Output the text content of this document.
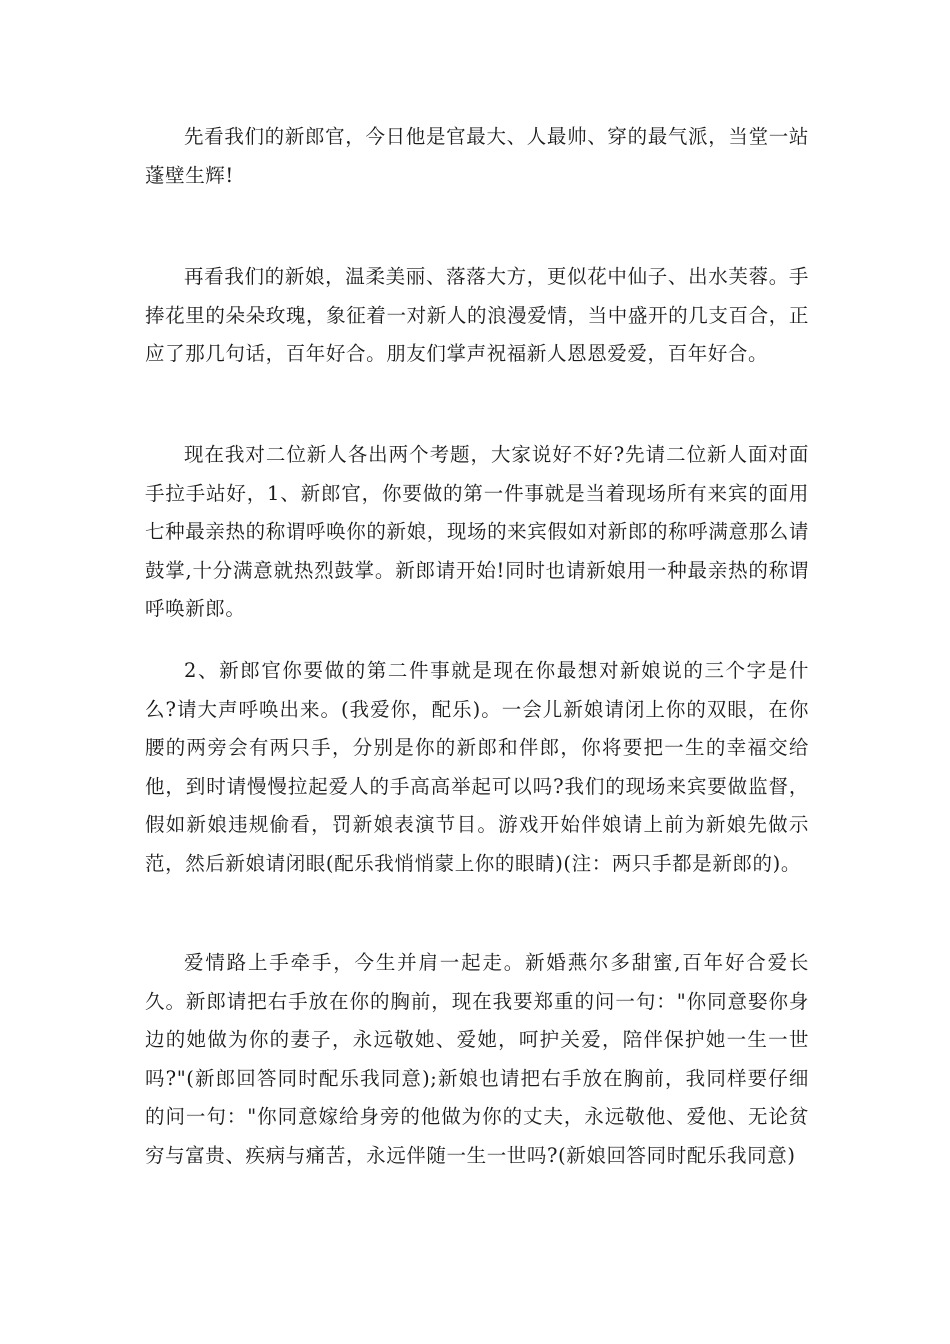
先看我们的新郎官，今日他是官最大、人最帅、穿的最气派，当堂一站蓬壁生辉!

再看我们的新娘，温柔美丽、落落大方，更似花中仙子、出水芙蓉。手捧花里的朵朵玫瑰，象征着一对新人的浪漫爱情，当中盛开的几支百合，正应了那几句话，百年好合。朋友们掌声祝福新人恩恩爱爱，百年好合。

现在我对二位新人各出两个考题，大家说好不好?先请二位新人面对面手拉手站好，1、新郎官，你要做的第一件事就是当着现场所有来宾的面用七种最亲热的称谓呼唤你的新娘，现场的来宾假如对新郎的称呼满意那么请鼓掌,十分满意就热烈鼓掌。新郎请开始!同时也请新娘用一种最亲热的称谓呼唤新郎。

2、新郎官你要做的第二件事就是现在你最想对新娘说的三个字是什么?请大声呼唤出来。(我爱你，配乐)。一会儿新娘请闭上你的双眼，在你腰的两旁会有两只手，分别是你的新郎和伴郎，你将要把一生的幸福交给他，到时请慢慢拉起爱人的手高高举起可以吗?我们的现场来宾要做监督，假如新娘违规偷看，罚新娘表演节目。游戏开始伴娘请上前为新娘先做示范，然后新娘请闭眼(配乐我悄悄蒙上你的眼睛)(注：两只手都是新郎的)。

爱情路上手牵手，今生并肩一起走。新婚燕尔多甜蜜,百年好合爱长久。新郎请把右手放在你的胸前，现在我要郑重的问一句："你同意娶你身边的她做为你的妻子，永远敬她、爱她，呵护关爱，陪伴保护她一生一世吗?"(新郎回答同时配乐我同意);新娘也请把右手放在胸前，我同样要仔细的问一句："你同意嫁给身旁的他做为你的丈夫，永远敬他、爱他、无论贫穷与富贵、疾病与痛苦，永远伴随一生一世吗?(新娘回答同时配乐我同意)
